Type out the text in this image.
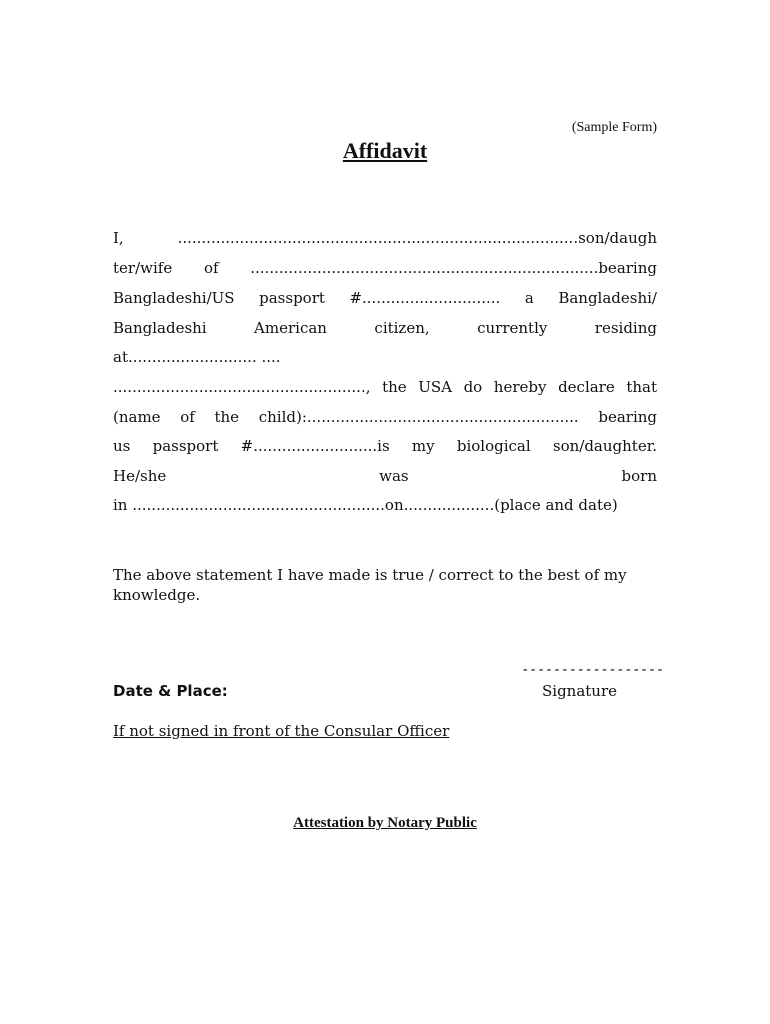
(Sample Form)
Affidavit
I, ....................................................................................son/daugh
ter/wife of .........................................................................bearing
Bangladeshi/US passport #............................. a Bangladeshi/
Bangladeshi American citizen, currently residing
at........................... ....
....................................................., the USA do hereby declare that
(name of the child):......................................................... bearing
us passport #..........................is my biological son/daughter.
He/she was born
in .....................................................on...................(place and date)
The above statement I have made is true / correct to the best of my knowledge.
------------------
Date & Place:	Signature
If not signed in front of the Consular Officer
Attestation by Notary Public
